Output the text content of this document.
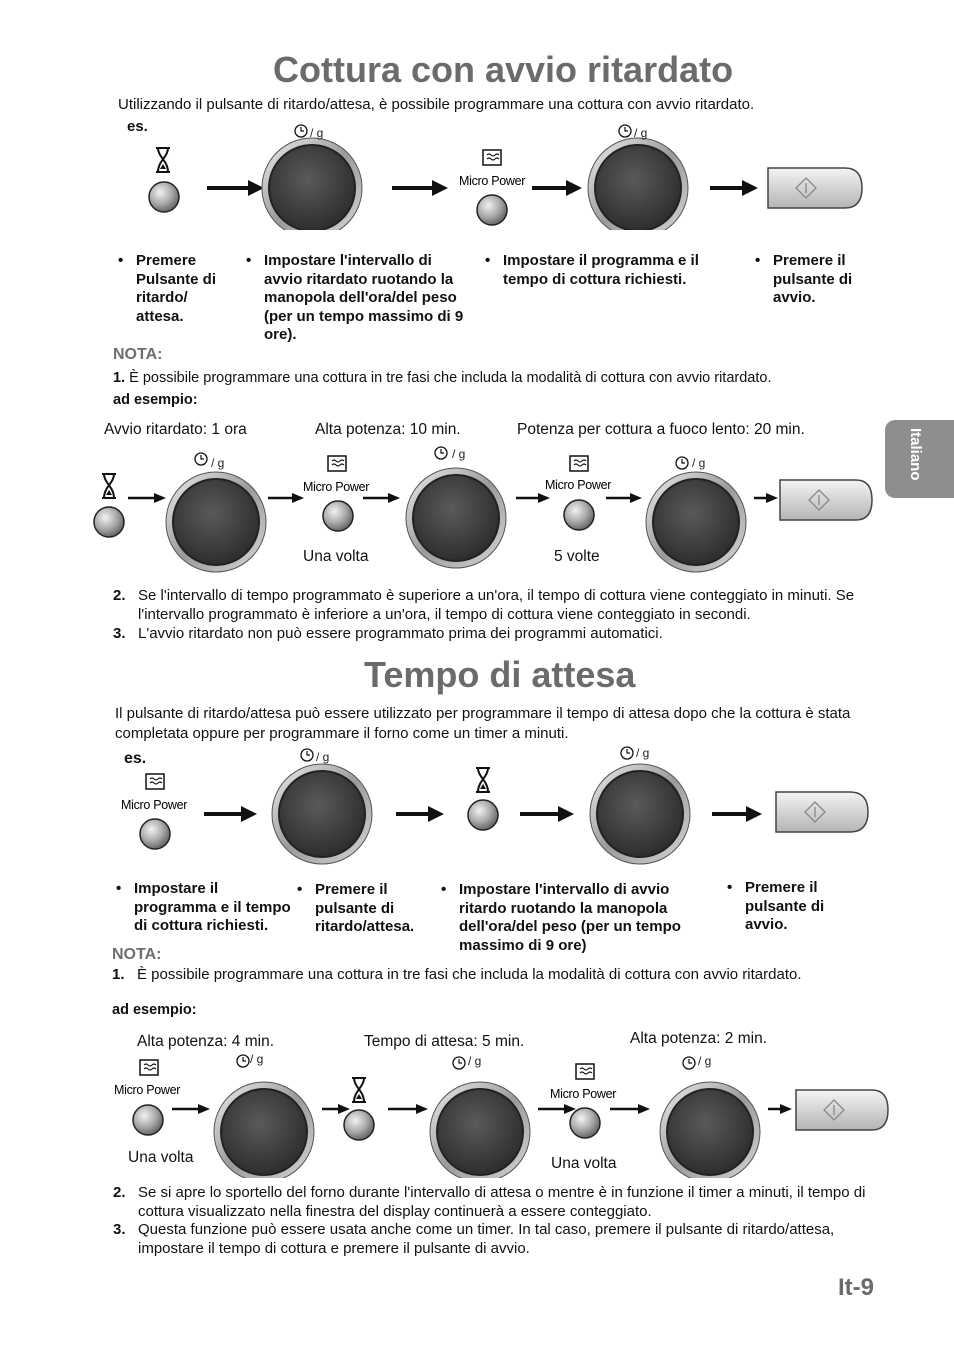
Cottura con avvio ritardato
Utilizzando il pulsante di ritardo/attesa, è possibile programmare una cottura con avvio ritardato.
es.
Micro Power
/ g	/ g
• Premere Pulsante di ritardo/ attesa.
• Impostare l'intervallo di avvio ritardato ruotando la manopola dell'ora/del peso (per un tempo massimo di 9 ore).
• Impostare il programma e il tempo di cottura richiesti.
• Premere il pulsante di avvio.
NOTA:
1. È possibile programmare una cottura in tre fasi che includa la modalità di cottura con avvio ritardato.
ad esempio:
Avvio ritardato: 1 ora	Alta potenza: 10 min.	Potenza per cottura a fuoco lento: 20 min.
Micro Power	Micro Power
/ g
/ g
/ g
Una volta	5 volte
2. Se l'intervallo di tempo programmato è superiore a un'ora, il tempo di cottura viene conteggiato in minuti. Se l'intervallo programmato è inferiore a un'ora, il tempo di cottura viene conteggiato in secondi.
3. L'avvio ritardato non può essere programmato prima dei programmi automatici.
Tempo di attesa
Il pulsante di ritardo/attesa può essere utilizzato per programmare il tempo di attesa dopo che la cottura è stata completata oppure per programmare il forno come un timer a minuti.
es.
Micro Power
/ g	/ g
• Impostare il programma e il tempo di cottura richiesti.
• Premere il pulsante di ritardo/attesa.
• Impostare l'intervallo di avvio ritardo ruotando la manopola dell'ora/del peso (per un tempo massimo di 9 ore)
• Premere il pulsante di avvio.
NOTA:
1. È possibile programmare una cottura in tre fasi che includa la modalità di cottura con avvio ritardato.
ad esempio:
Alta potenza: 4 min.	Tempo di attesa: 5 min.	Alta potenza: 2 min.
Micro Power	Micro Power
/ g	/ g	/ g
Una volta	Una volta
2. Se si apre lo sportello del forno durante l'intervallo di attesa o mentre è in funzione il timer a minuti, il tempo di cottura visualizzato nella finestra del display continuerà a essere conteggiato.
3. Questa funzione può essere usata anche come un timer. In tal caso, premere il pulsante di ritardo/attesa, impostare il tempo di cottura e premere il pulsante di avvio.
Italiano
It-9
